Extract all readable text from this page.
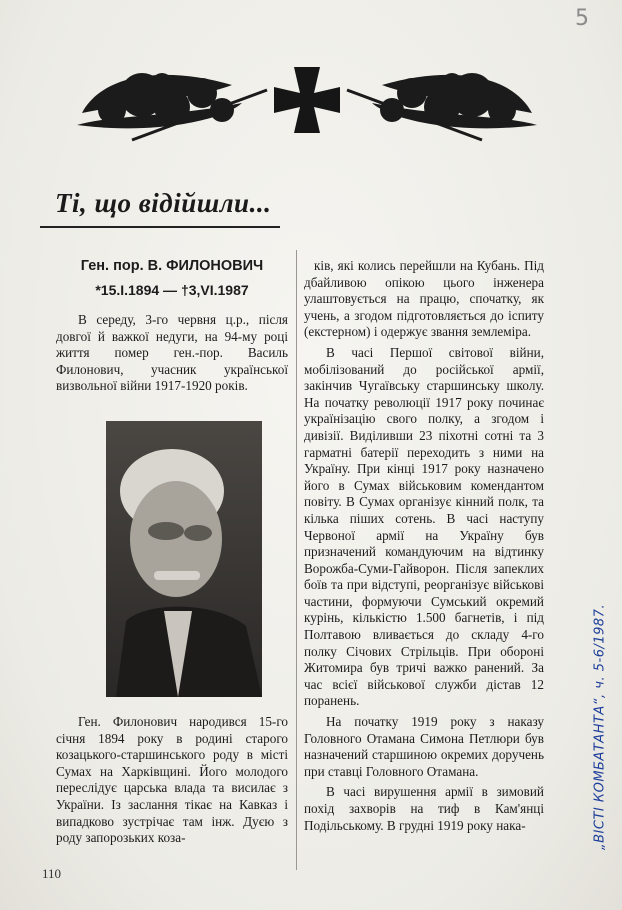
5
Ті, що відійшли...

Ген. пор. В. ФИЛОНОВИЧ

*15.І.1894 — †3,VI.1987

В середу, 3-го червня ц.р., після довгої й важкої недуги, на 94-му році життя помер ген.-пор. Василь Филонович, учасник української визвольної війни 1917-1920 років.

Ген. Филонович народився 15-го січня 1894 року в родині старого козацького-старшинського роду в місті Сумах на Харківщині. Його молодого переслідує царська влада та висилає з України. Із заслання тікає на Кавказ і випадково зустрічає там інж. Дуєю з роду запорозьких коза-

ків, які колись перейшли на Кубань. Під дбайливою опікою цього інженера улаштовується на працю, спочатку, як учень, а згодом підготовляється до іспиту (екстерном) і одержує звання землеміра.

В часі Першої світової війни, мобілізований до російської армії, закінчив Чугаївську старшинську школу. На початку революції 1917 року починає українізацію свого полку, а згодом і дивізії. Виділивши 23 піхотні сотні та 3 гарматні батерії переходить з ними на Україну. При кінці 1917 року назначено його в Сумах військовим комендантом повіту. В Сумах організує кінний полк, та кілька піших сотень. В часі наступу Червоної армії на Україну був призначений командуючим на відтинку Ворожба-Суми-Гайворон. Після запеклих боїв та при відступі, реорганізує військові частини, формуючи Сумський окремий курінь, кількістю 1.500 багнетів, і під Полтавою вливається до складу 4-го полку Січових Стрільців. При обороні Житомира був тричі важко ранений. За час всієї військової служби дістав 12 поранень.

На початку 1919 року з наказу Головного Отамана Симона Петлюри був назначений старшиною окремих доручень при ставці Головного Отамана.

В часі вирушення армії в зимовий похід захворів на тиф в Кам'янці Подільському. В грудні 1919 року нака-

110
„ВІСТІ КОМБАТАНТА“, ч. 5-6/1987.
